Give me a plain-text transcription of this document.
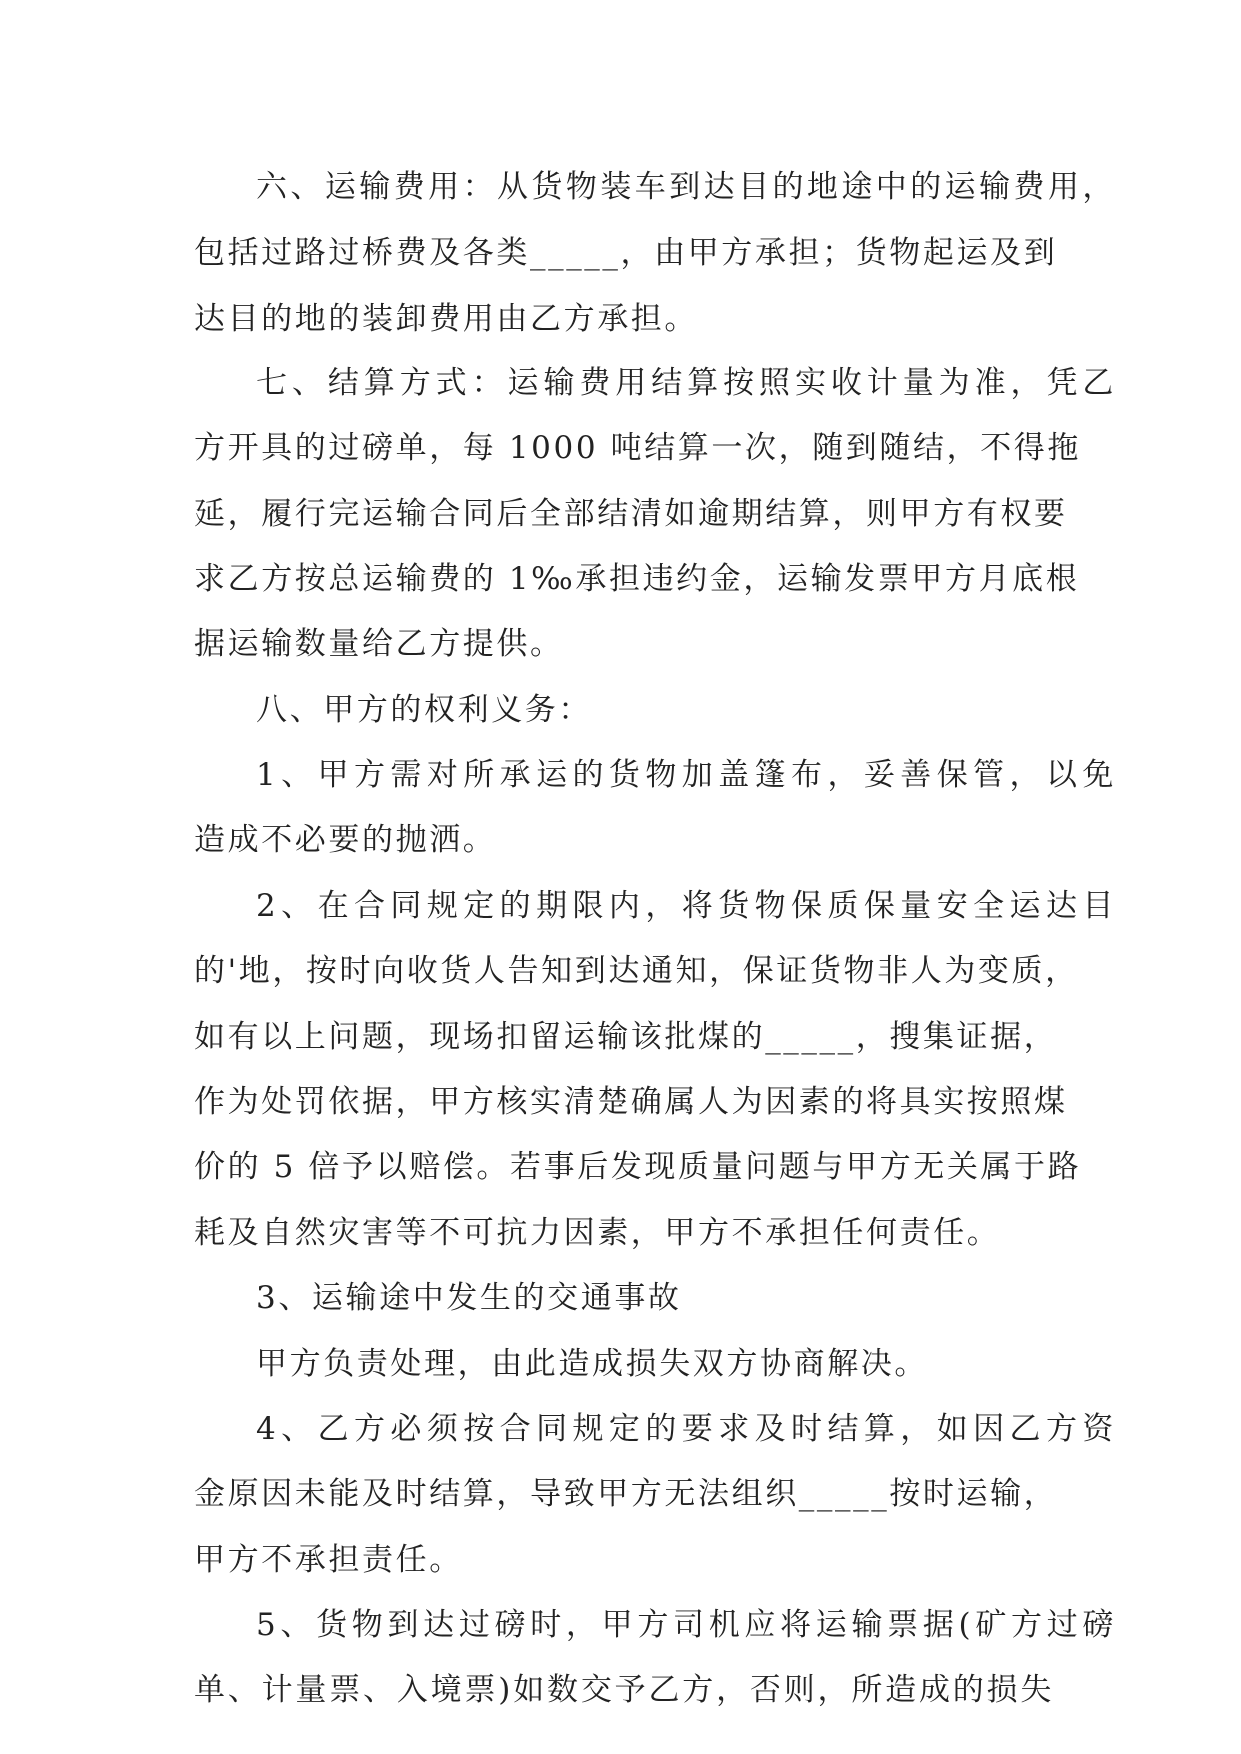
六、运输费用：从货物装车到达目的地途中的运输费用，
包括过路过桥费及各类_____，由甲方承担；货物起运及到
达目的地的装卸费用由乙方承担。
七、结算方式：运输费用结算按照实收计量为准，凭乙
方开具的过磅单，每 1000 吨结算一次，随到随结，不得拖
延，履行完运输合同后全部结清如逾期结算，则甲方有权要
求乙方按总运输费的 1‰承担违约金，运输发票甲方月底根
据运输数量给乙方提供。
八、甲方的权利义务：
1、甲方需对所承运的货物加盖篷布，妥善保管，以免
造成不必要的抛洒。
2、在合同规定的期限内，将货物保质保量安全运达目
的'地，按时向收货人告知到达通知，保证货物非人为变质，
如有以上问题，现场扣留运输该批煤的_____，搜集证据，
作为处罚依据，甲方核实清楚确属人为因素的将具实按照煤
价的 5 倍予以赔偿。若事后发现质量问题与甲方无关属于路
耗及自然灾害等不可抗力因素，甲方不承担任何责任。
3、运输途中发生的交通事故
甲方负责处理，由此造成损失双方协商解决。
4、乙方必须按合同规定的要求及时结算，如因乙方资
金原因未能及时结算，导致甲方无法组织_____按时运输，
甲方不承担责任。
5、货物到达过磅时，甲方司机应将运输票据(矿方过磅
单、计量票、入境票)如数交予乙方，否则，所造成的损失
